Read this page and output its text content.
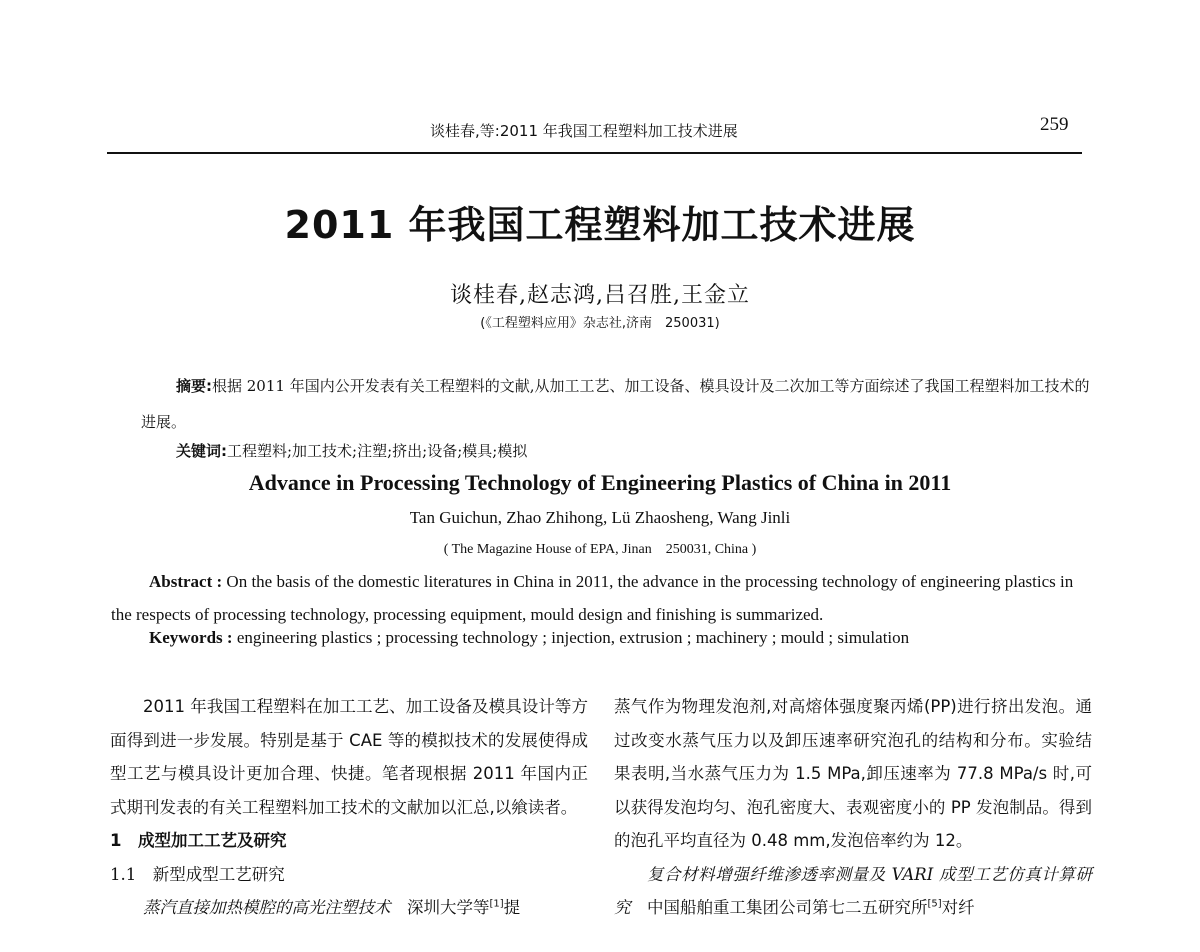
谈桂春,等:2011 年我国工程塑料加工技术进展	259
2011 年我国工程塑料加工技术进展
谈桂春,赵志鸿,吕召胜,王金立
(《工程塑料应用》杂志社,济南　250031)
摘要:根据 2011 年国内公开发表有关工程塑料的文献,从加工工艺、加工设备、模具设计及二次加工等方面综述了我国工程塑料加工技术的进展。
关键词:工程塑料;加工技术;注塑;挤出;设备;模具;模拟
Advance in Processing Technology of Engineering Plastics of China in 2011
Tan Guichun, Zhao Zhihong, Lü Zhaosheng, Wang Jinli
( The Magazine House of EPA, Jinan　250031, China )
Abstract : On the basis of the domestic literatures in China in 2011, the advance in the processing technology of engineering plastics in the respects of processing technology, processing equipment, mould design and finishing is summarized.
Keywords : engineering plastics ; processing technology ; injection, extrusion ; machinery ; mould ; simulation

2011 年我国工程塑料在加工工艺、加工设备及模具设计等方面得到进一步发展。特别是基于 CAE 等的模拟技术的发展使得成型工艺与模具设计更加合理、快捷。笔者现根据 2011 年国内正式期刊发表的有关工程塑料加工技术的文献加以汇总,以飨读者。

1　成型加工工艺及研究

1.1　新型成型工艺研究

蒸汽直接加热模腔的高光注塑技术　深圳大学等[1]提

蒸气作为物理发泡剂,对高熔体强度聚丙烯(PP)进行挤出发泡。通过改变水蒸气压力以及卸压速率研究泡孔的结构和分布。实验结果表明,当水蒸气压力为 1.5 MPa,卸压速率为 77.8 MPa/s 时,可以获得发泡均匀、泡孔密度大、表观密度小的 PP 发泡制品。得到的泡孔平均直径为 0.48 mm,发泡倍率约为 12。

复合材料增强纤维渗透率测量及 VARI 成型工艺仿真计算研究　中国船舶重工集团公司第七二五研究所[5]对纤
